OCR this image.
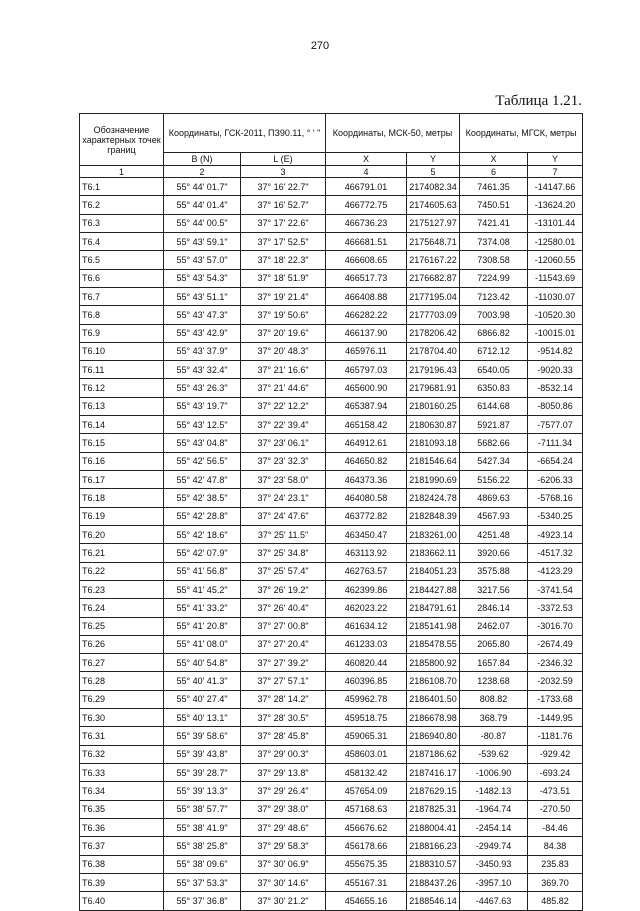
270
Таблица 1.21.
Обозначение характерных точек границ	Координаты, ГСК-2011, ПЗ90.11, ° ' "		Координаты, МСК-50, метры		Координаты, МГСК, метры	
	B (N)	L (E)	X	Y	X	Y
1	2	3	4	5	6	7
Т6.1	55° 44' 01.7"	37° 16' 22.7"	466791.01	2174082.34	7461.35	-14147.66
Т6.2	55° 44' 01.4"	37° 16' 52.7"	466772.75	2174605.63	7450.51	-13624.20
Т6.3	55° 44' 00.5"	37° 17' 22.6"	466736.23	2175127.97	7421.41	-13101.44
Т6.4	55° 43' 59.1"	37° 17' 52.5"	466681.51	2175648.71	7374.08	-12580.01
Т6.5	55° 43' 57.0"	37° 18' 22.3"	466608.65	2176167.22	7308.58	-12060.55
Т6.6	55° 43' 54.3"	37° 18' 51.9"	466517.73	2176682.87	7224.99	-11543.69
Т6.7	55° 43' 51.1"	37° 19' 21.4"	466408.88	2177195.04	7123.42	-11030.07
Т6.8	55° 43' 47.3"	37° 19' 50.6"	466282.22	2177703.09	7003.98	-10520.30
Т6.9	55° 43' 42.9"	37° 20' 19.6"	466137.90	2178206.42	6866.82	-10015.01
Т6.10	55° 43' 37.9"	37° 20' 48.3"	465976.11	2178704.40	6712.12	-9514.82
Т6.11	55° 43' 32.4"	37° 21' 16.6"	465797.03	2179196.43	6540.05	-9020.33
Т6.12	55° 43' 26.3"	37° 21' 44.6"	465600.90	2179681.91	6350.83	-8532.14
Т6.13	55° 43' 19.7"	37° 22' 12.2"	465387.94	2180160.25	6144.68	-8050.86
Т6.14	55° 43' 12.5"	37° 22' 39.4"	465158.42	2180630.87	5921.87	-7577.07
Т6.15	55° 43' 04.8"	37° 23' 06.1"	464912.61	2181093.18	5682.66	-7111.34
Т6.16	55° 42' 56.5"	37° 23' 32.3"	464650.82	2181546.64	5427.34	-6654.24
Т6.17	55° 42' 47.8"	37° 23' 58.0"	464373.36	2181990.69	5156.22	-6206.33
Т6.18	55° 42' 38.5"	37° 24' 23.1"	464080.58	2182424.78	4869.63	-5768.16
Т6.19	55° 42' 28.8"	37° 24' 47.6"	463772.82	2182848.39	4567.93	-5340.25
Т6.20	55° 42' 18.6"	37° 25' 11.5"	463450.47	2183261.00	4251.48	-4923.14
Т6.21	55° 42' 07.9"	37° 25' 34.8"	463113.92	2183662.11	3920.66	-4517.32
Т6.22	55° 41' 56.8"	37° 25' 57.4"	462763.57	2184051.23	3575.88	-4123.29
Т6.23	55° 41' 45.2"	37° 26' 19.2"	462399.86	2184427.88	3217.56	-3741.54
Т6.24	55° 41' 33.2"	37° 26' 40.4"	462023.22	2184791.61	2846.14	-3372.53
Т6.25	55° 41' 20.8"	37° 27' 00.8"	461634.12	2185141.98	2462.07	-3016.70
Т6.26	55° 41' 08.0"	37° 27' 20.4"	461233.03	2185478.55	2065.80	-2674.49
Т6.27	55° 40' 54.8"	37° 27' 39.2"	460820.44	2185800.92	1657.84	-2346.32
Т6.28	55° 40' 41.3"	37° 27' 57.1"	460396.85	2186108.70	1238.68	-2032.59
Т6.29	55° 40' 27.4"	37° 28' 14.2"	459962.78	2186401.50	808.82	-1733.68
Т6.30	55° 40' 13.1"	37° 28' 30.5"	459518.75	2186678.98	368.79	-1449.95
Т6.31	55° 39' 58.6"	37° 28' 45.8"	459065.31	2186940.80	-80.87	-1181.76
Т6.32	55° 39' 43.8"	37° 29' 00.3"	458603.01	2187186.62	-539.62	-929.42
Т6.33	55° 39' 28.7"	37° 29' 13.8"	458132.42	2187416.17	-1006.90	-693.24
Т6.34	55° 39' 13.3"	37° 29' 26.4"	457654.09	2187629.15	-1482.13	-473.51
Т6.35	55° 38' 57.7"	37° 29' 38.0"	457168.63	2187825.31	-1964.74	-270.50
Т6.36	55° 38' 41.9"	37° 29' 48.6"	456676.62	2188004.41	-2454.14	-84.46
Т6.37	55° 38' 25.8"	37° 29' 58.3"	456178.66	2188166.23	-2949.74	84.38
Т6.38	55° 38' 09.6"	37° 30' 06.9"	455675.35	2188310.57	-3450.93	235.83
Т6.39	55° 37' 53.3"	37° 30' 14.6"	455167.31	2188437.26	-3957.10	369.70
Т6.40	55° 37' 36.8"	37° 30' 21.2"	454655.16	2188546.14	-4467.63	485.82
